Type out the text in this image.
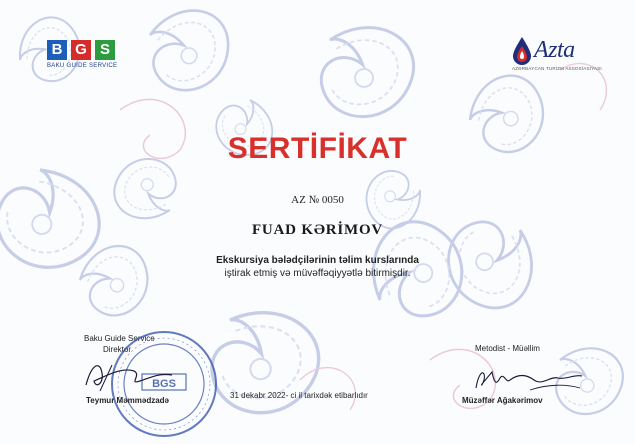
B G S
BAKU GUIDE SERVICE
Azta
AZƏRBAYCAN TURİZM ASSOSİASİYASI
SERTİFİKAT
AZ № 0050
FUAD KƏRİMOV
Ekskursiya bələdçilərinin təlim kurslarında
iştirak etmiş və müvəffəqiyyətlə bitirmişdir.
Baku Guide Service
Direktor
BGS
Teymur Məmmədzadə
31 dekabr 2022- ci il tarixdək etibarlıdır
Metodist - Müəllim
Müzəffər Ağakərimov
